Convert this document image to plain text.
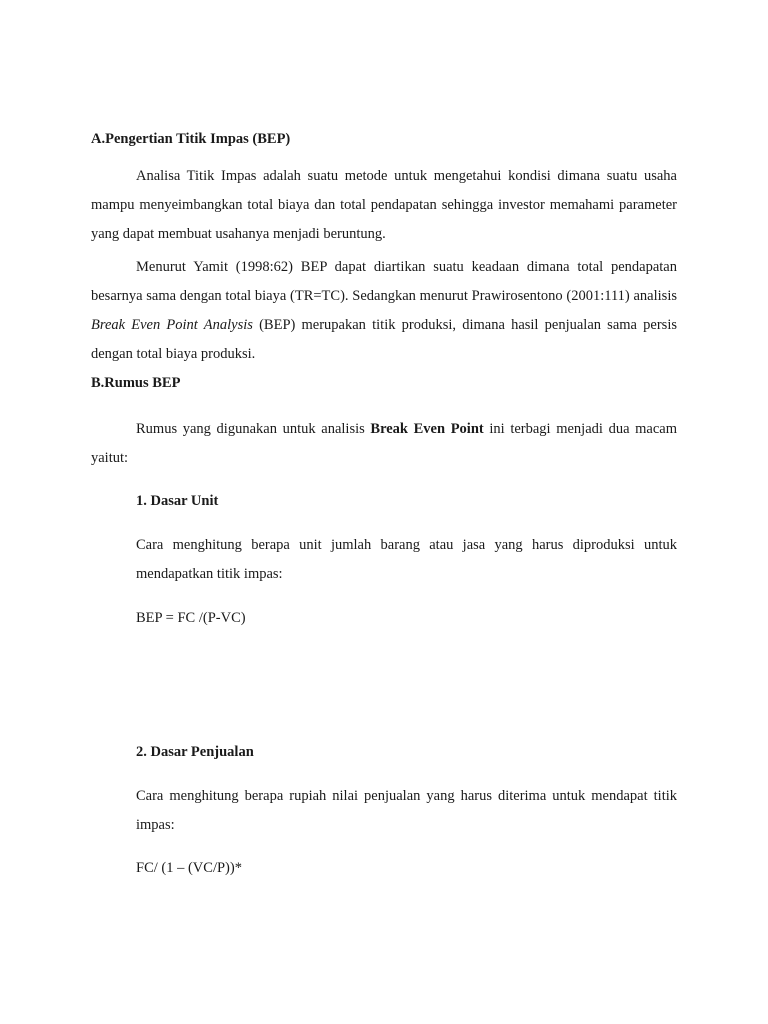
A.Pengertian Titik Impas (BEP)

Analisa Titik Impas adalah suatu metode untuk mengetahui kondisi dimana suatu usaha mampu menyeimbangkan total biaya dan total pendapatan sehingga investor memahami parameter yang dapat membuat usahanya menjadi beruntung.

Menurut Yamit (1998:62) BEP dapat diartikan suatu keadaan dimana total pendapatan besarnya sama dengan total biaya (TR=TC). Sedangkan menurut Prawirosentono (2001:111) analisis Break Even Point Analysis (BEP) merupakan titik produksi, dimana hasil penjualan sama persis dengan total biaya produksi.

B.Rumus BEP

Rumus yang digunakan untuk analisis Break Even Point ini terbagi menjadi dua macam yaitut:

1. Dasar Unit

Cara menghitung berapa unit jumlah barang atau jasa yang harus diproduksi untuk mendapatkan titik impas:

BEP = FC /(P-VC)
2. Dasar Penjualan

Cara menghitung berapa rupiah nilai penjualan yang harus diterima untuk mendapat titik impas:

FC/ (1 – (VC/P))*
